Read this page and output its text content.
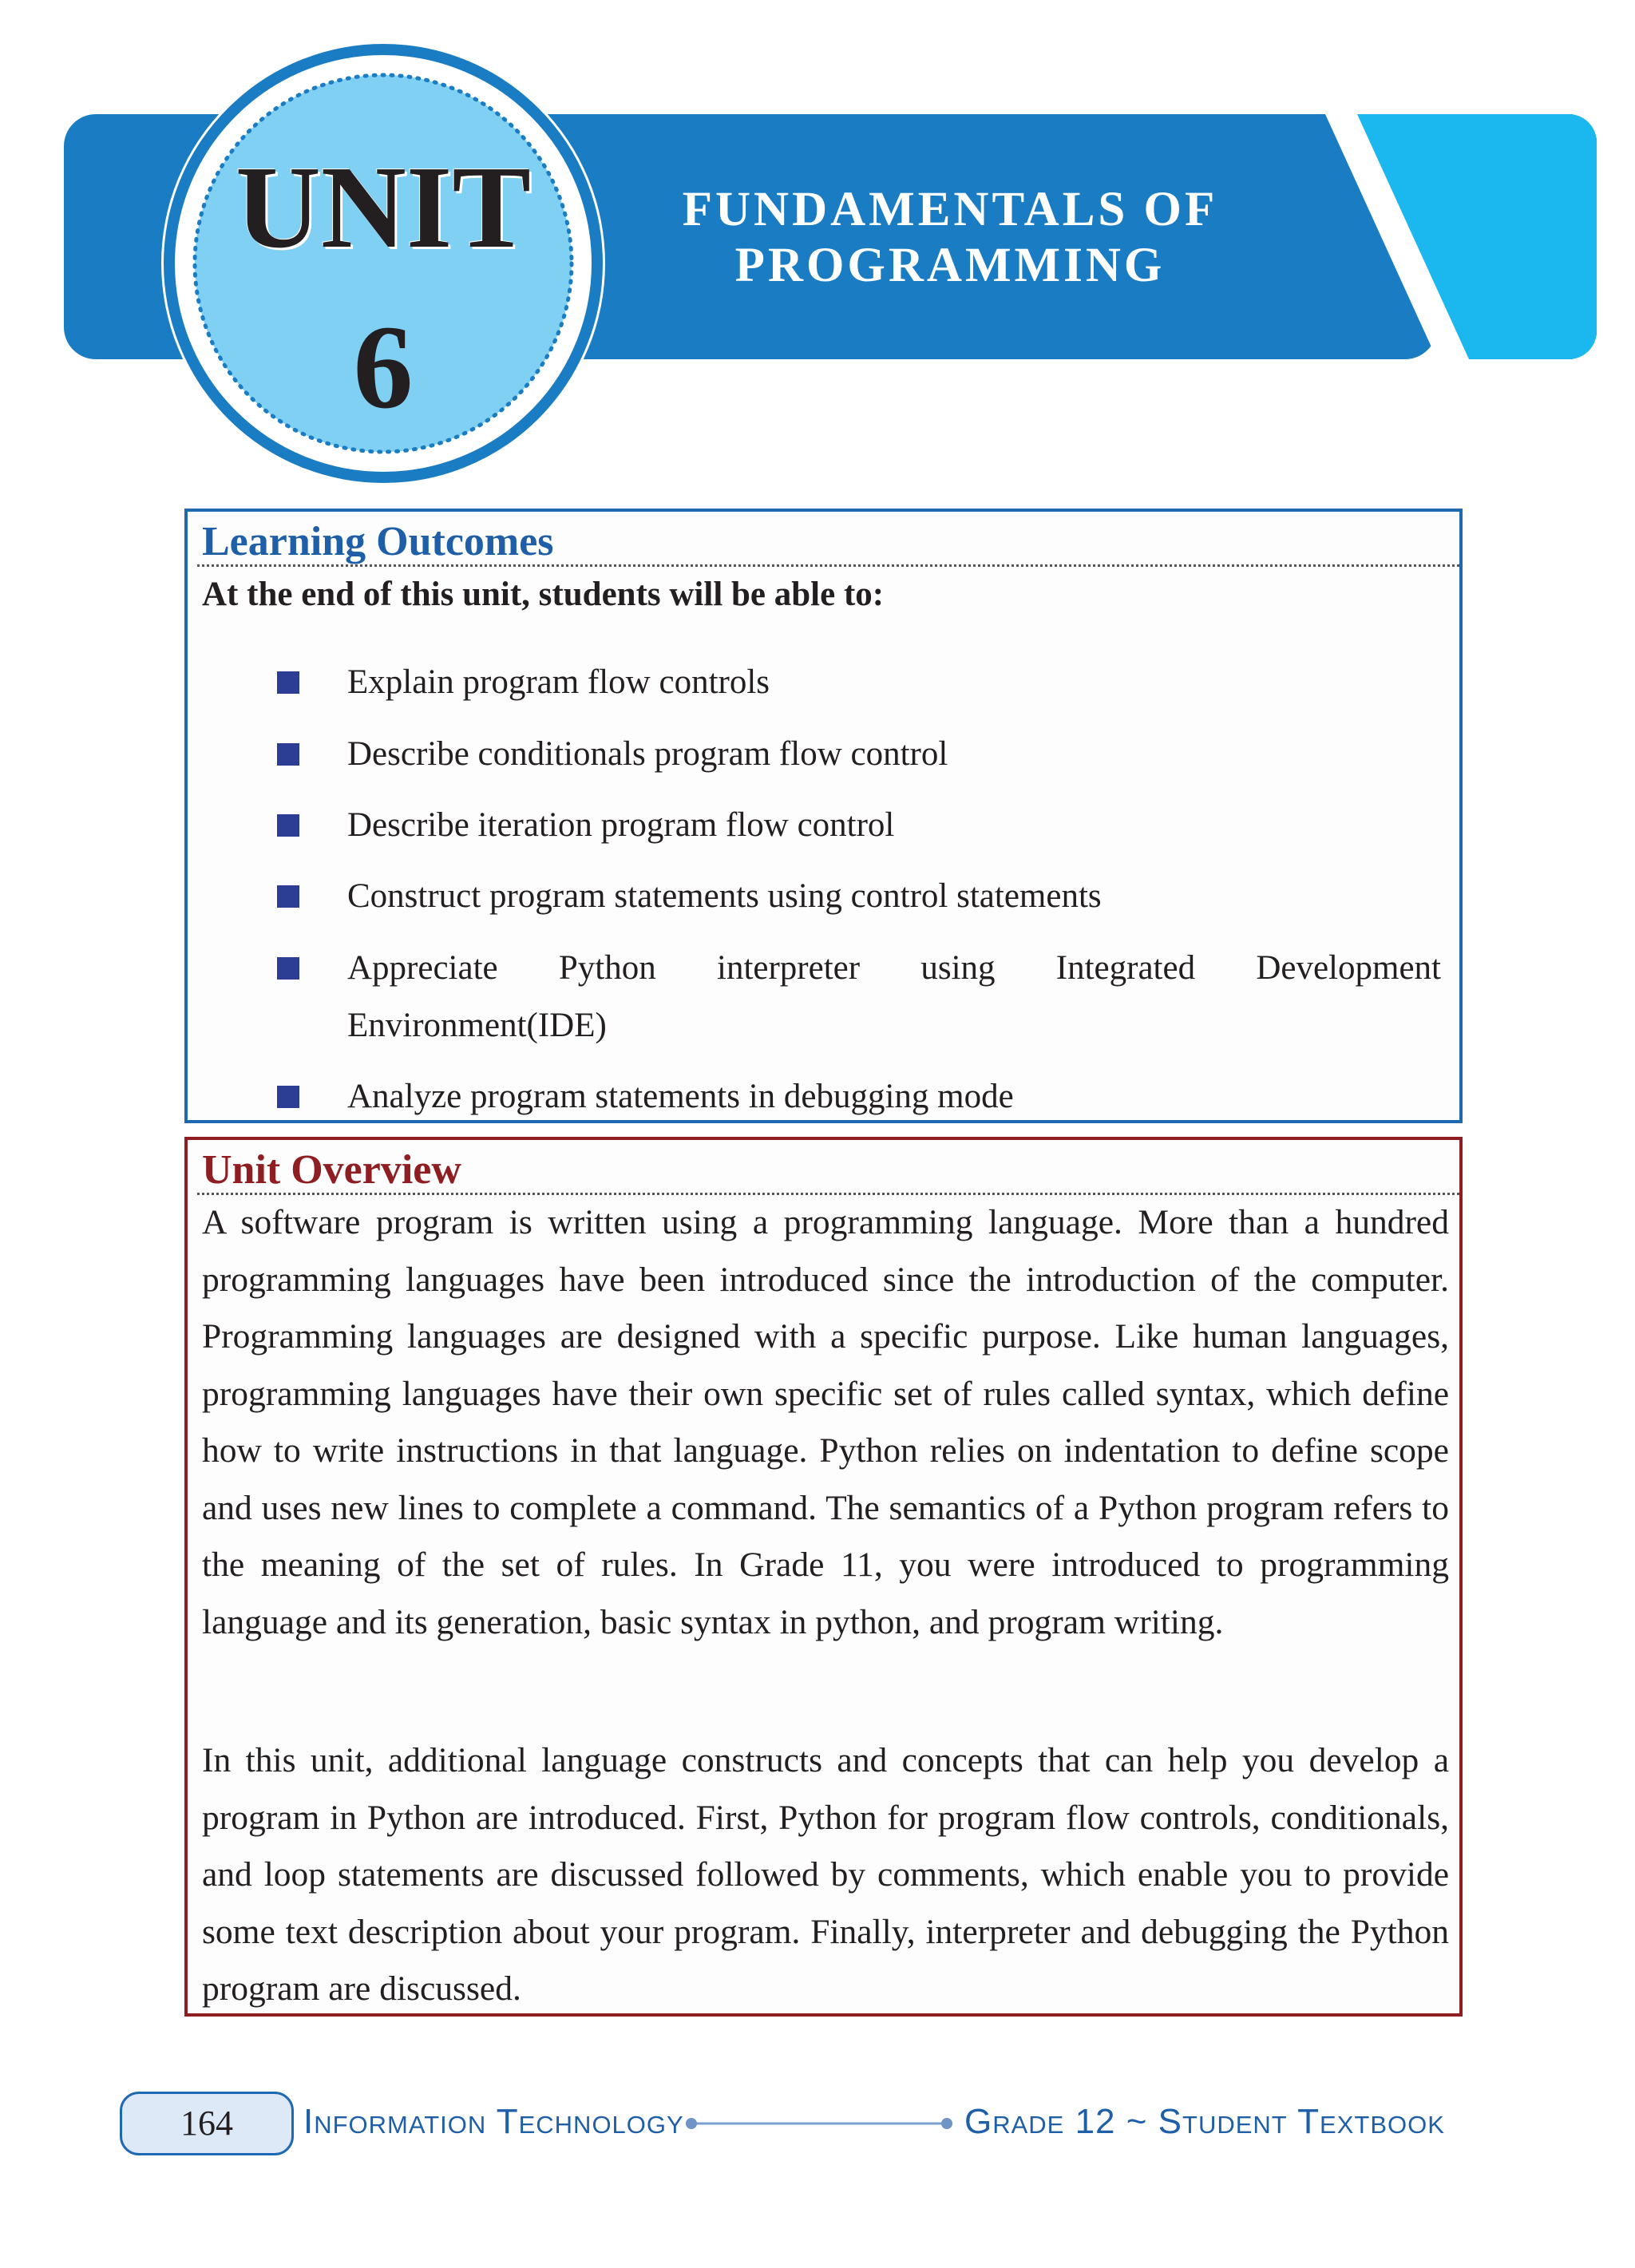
FUNDAMENTALS OF
PROGRAMMING
UNIT
6
Learning Outcomes
At the end of this unit, students will be able to:
Explain program flow controls
Describe conditionals program flow control
Describe iteration program flow control
Construct program statements using control statements
Appreciate Python interpreter using Integrated Development Environment(IDE)
Analyze program statements in debugging mode
Unit Overview
A software program is written using a programming language. More than a hundred programming languages have been introduced since the introduction of the computer. Programming languages are designed with a specific purpose. Like human languages, programming languages have their own specific set of rules called syntax, which define how to write instructions in that language. Python relies on indentation to define scope and uses new lines to complete a command. The semantics of a Python program refers to the meaning of the set of rules. In Grade 11, you were introduced to programming language and its generation, basic syntax in python, and program writing.
In this unit, additional language constructs and concepts that can help you develop a program in Python are introduced. First, Python for program flow controls, conditionals, and loop statements are discussed followed by comments, which enable you to provide some text description about your program. Finally, interpreter and debugging the Python program are discussed.
164	Information Technology	Grade 12 ~ Student Textbook
